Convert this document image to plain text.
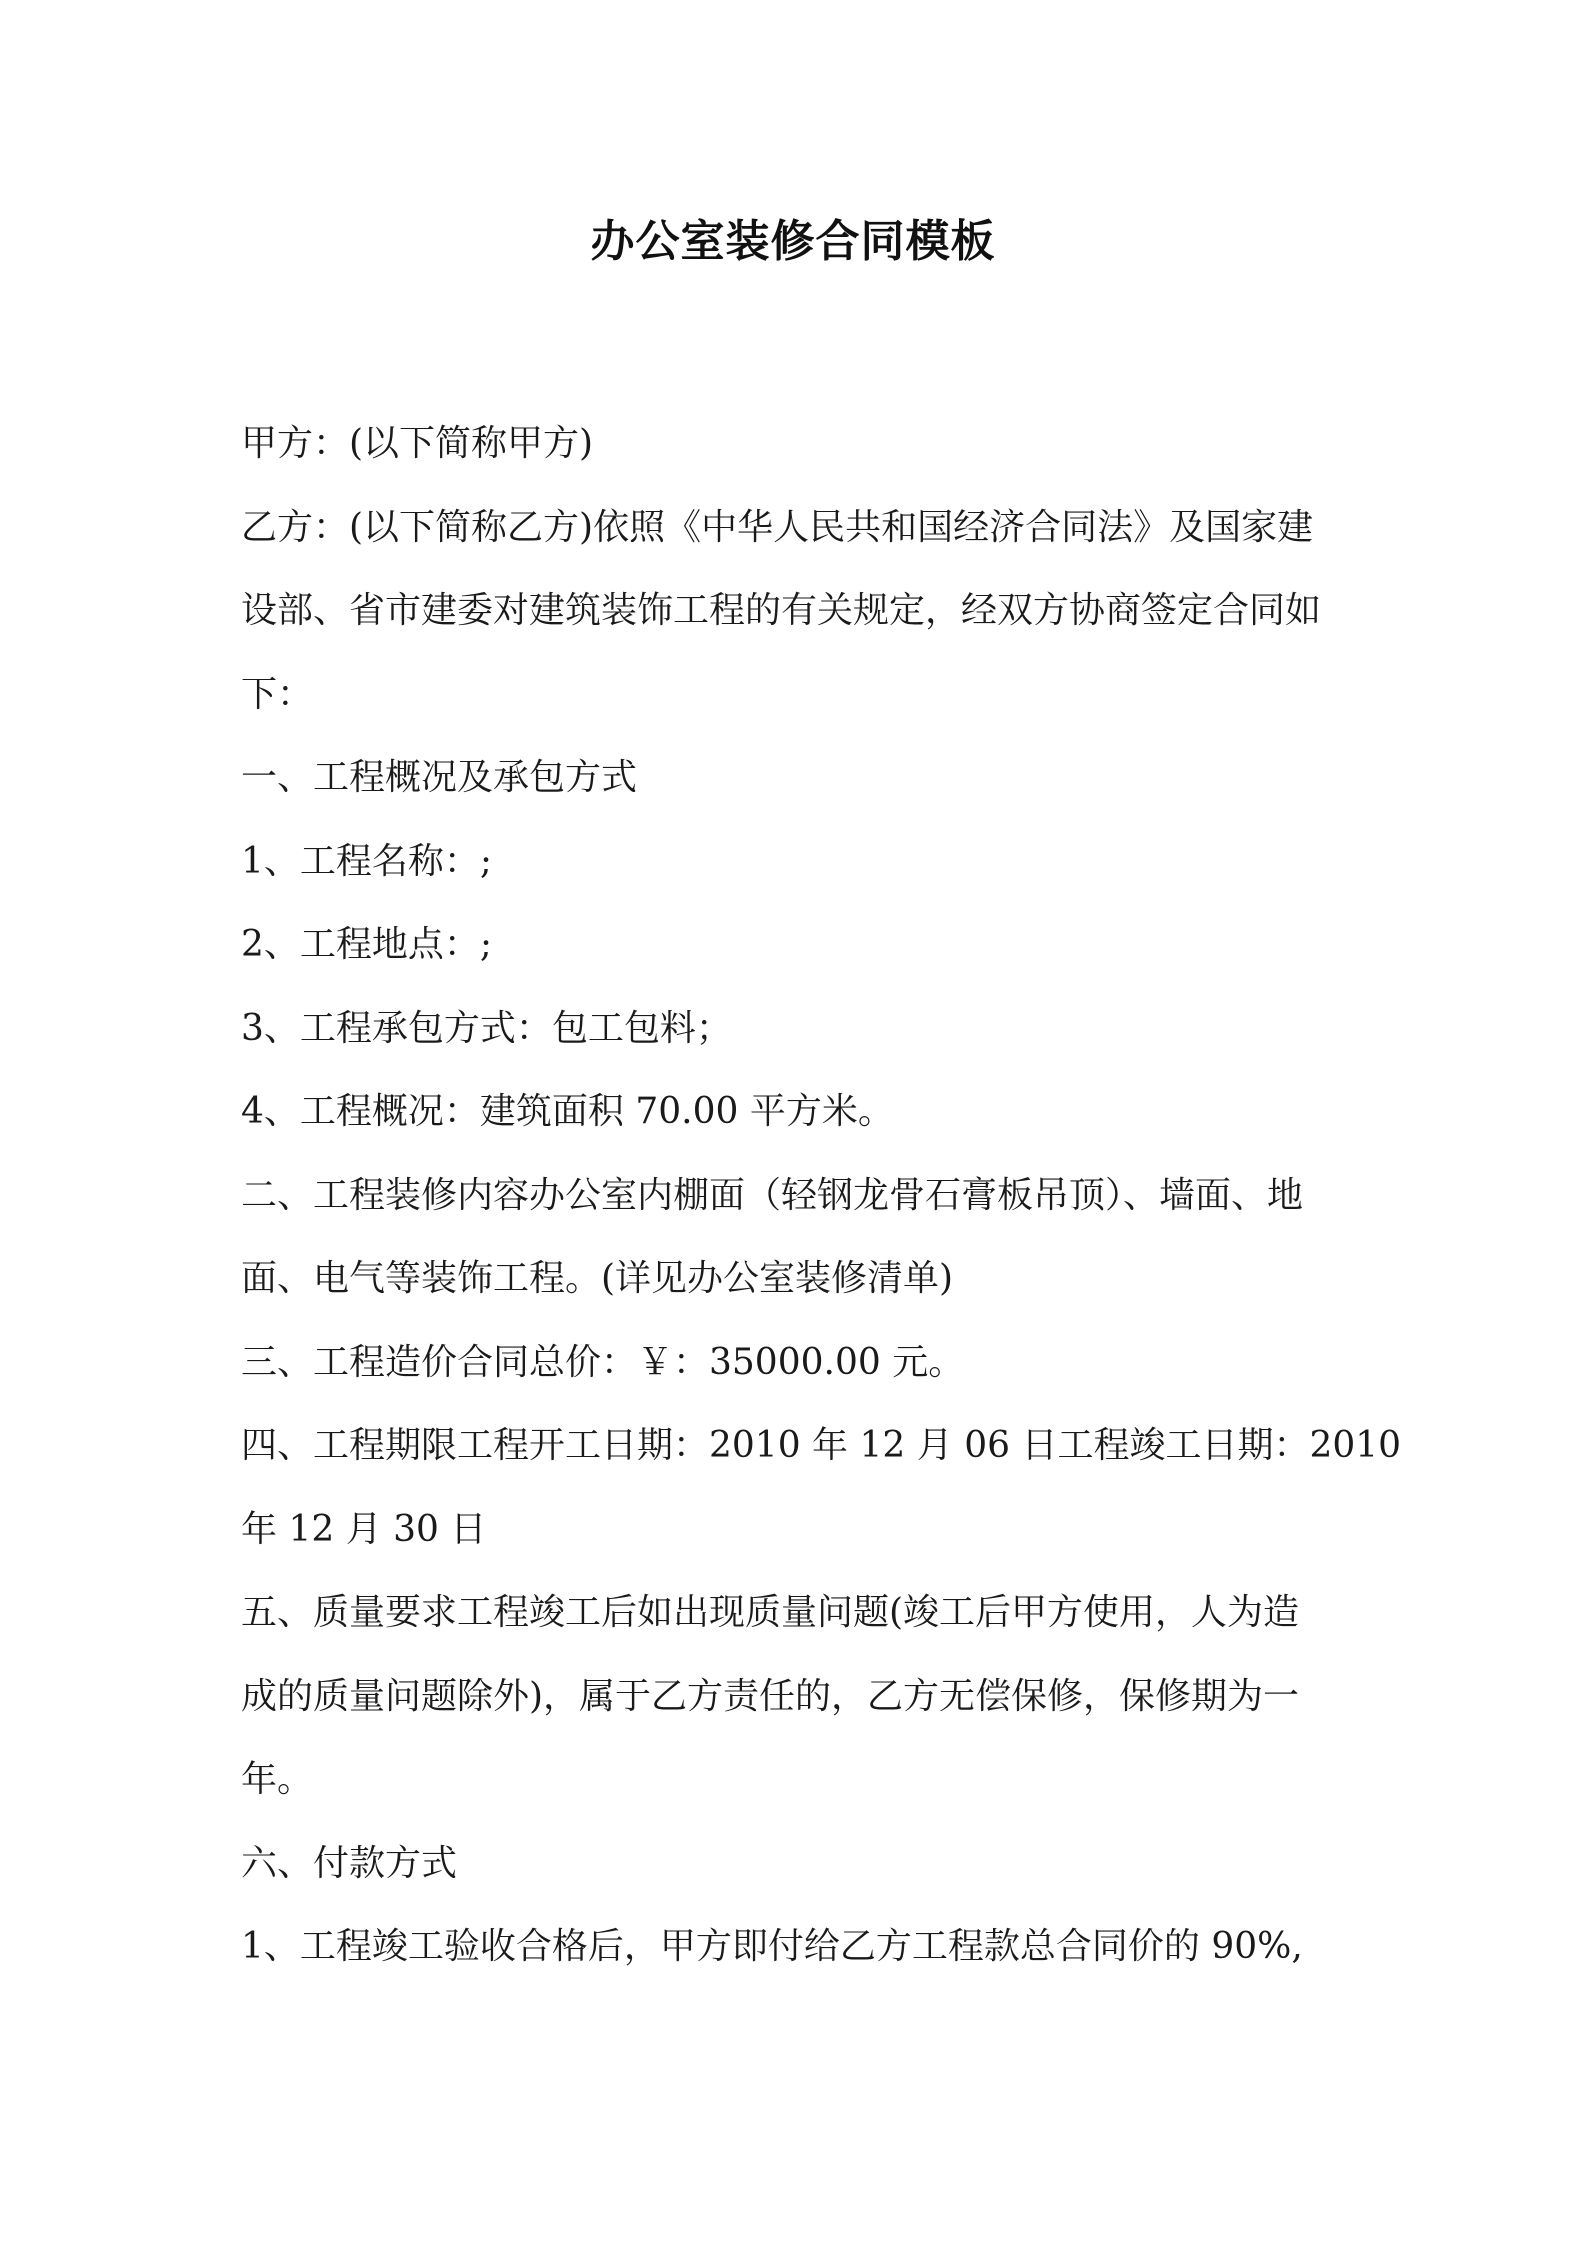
办公室装修合同模板
甲方：(以下简称甲方)
乙方：(以下简称乙方)依照《中华人民共和国经济合同法》及国家建
设部、省市建委对建筑装饰工程的有关规定，经双方协商签定合同如
下：
一、工程概况及承包方式
1、工程名称：;
2、工程地点：;
3、工程承包方式：包工包料；
4、工程概况：建筑面积 70.00 平方米。
二、工程装修内容办公室内棚面（轻钢龙骨石膏板吊顶）、墙面、地
面、电气等装饰工程。(详见办公室装修清单)
三、工程造价合同总价：￥：35000.00 元。
四、工程期限工程开工日期：2010 年 12 月 06 日工程竣工日期：2010
年 12 月 30 日
五、质量要求工程竣工后如出现质量问题(竣工后甲方使用，人为造
成的质量问题除外)，属于乙方责任的，乙方无偿保修，保修期为一
年。
六、付款方式
1、工程竣工验收合格后，甲方即付给乙方工程款总合同价的 90%,
